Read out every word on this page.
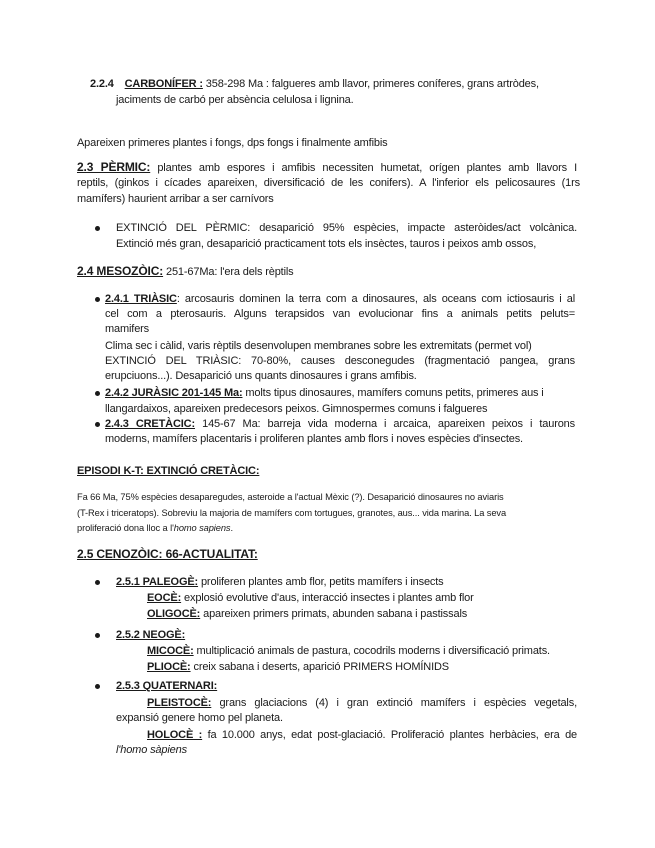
2.2.4 CARBONÍFER : 358-298 Ma : falgueres amb llavor, primeres coníferes, grans artròdes,
jaciments de carbó per absència celulosa i lignina.
Apareixen primeres plantes i fongs, dps fongs i finalmente amfibis
2.3 PÈRMIC: plantes amb espores i amfibis necessiten humetat, orígen plantes amb llavors I
reptils, (ginkos i cícades apareixen, diversificació de les conifers). A l'inferior els pelicosaures (1rs
mamífers) haurient arribar a ser carnívors
EXTINCIÓ DEL PÈRMIC: desaparició 95% espècies, impacte asteròides/act volcànica.
Extinció més gran, desaparició practicament tots els insèctes, tauros i peixos amb ossos,
2.4 MESOZÒIC: 251-67Ma: l'era dels rèptils
2.4.1 TRIÀSIC: arcosauris dominen la terra com a dinosaures, als oceans com ictiosauris i al
cel com a pterosauris. Alguns terapsidos van evolucionar fins a animals petits peluts=
mamifers
Clima sec i càlid, varis rèptils desenvolupen membranes sobre les extremitats (permet vol)
EXTINCIÓ DEL TRIÀSIC: 70-80%, causes desconegudes (fragmentació pangea, grans
erupciuons...). Desaparició uns quants dinosaures i grans amfibis.
2.4.2 JURÀSIC 201-145 Ma: molts tipus dinosaures, mamífers comuns petits, primeres aus i
llangardaixos, apareixen predecesors peixos. Gimnospermes comuns i falgueres
2.4.3 CRETÀCIC: 145-67 Ma: barreja vida moderna i arcaica, apareixen peixos i taurons
moderns, mamífers placentaris i proliferen plantes amb flors i noves espècies d'insectes.
EPISODI K-T: EXTINCIÓ CRETÀCIC:
Fa 66 Ma, 75% espècies desaparegudes, asteroide a l'actual Mèxic (?). Desaparició dinosaures no aviaris
(T-Rex i triceratops). Sobreviu la majoria de mamífers com tortugues, granotes, aus... vida marina. La seva
proliferació dona lloc a l'homo sapiens.
2.5 CENOZÒIC: 66-ACTUALITAT:
2.5.1 PALEOGÈ: proliferen plantes amb flor, petits mamífers i insects
EOCÈ: explosió evolutive d'aus, interacció insectes i plantes amb flor
OLIGOCÈ: apareixen primers primats, abunden sabana i pastissals
2.5.2 NEOGÈ:
MICOCÈ: multiplicació animals de pastura, cocodrils moderns i diversificació primats.
PLIOCÈ: creix sabana i deserts, aparició PRIMERS HOMÍNIDS
2.5.3 QUATERNARI:
PLEISTOCÈ: grans glaciacions (4) i gran extinció mamífers i espècies vegetals,
expansió genere homo pel planeta.
HOLOCÈ : fa 10.000 anys, edat post-glaciació. Proliferació plantes herbàcies, era de
l'homo sàpiens
